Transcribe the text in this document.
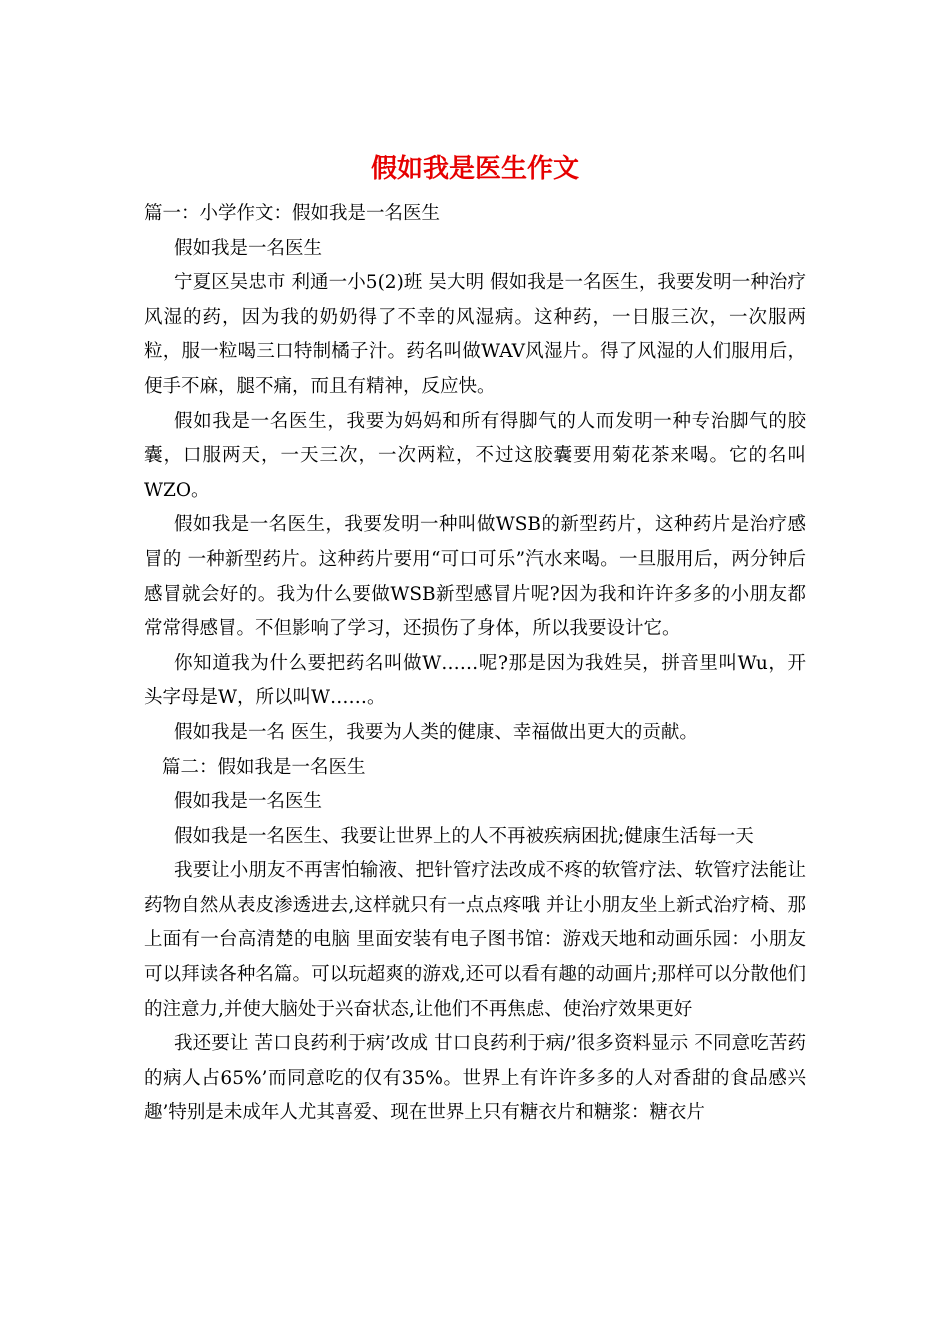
假如我是医生作文

篇一：小学作文：假如我是一名医生

假如我是一名医生

宁夏区吴忠市 利通一小5(2)班 吴大明 假如我是一名医生，我要发明一种治疗风湿的药，因为我的奶奶得了不幸的风湿病。这种药，一日服三次，一次服两粒，服一粒喝三口特制橘子汁。药名叫做WAV风湿片。得了风湿的人们服用后，便手不麻，腿不痛，而且有精神，反应快。

假如我是一名医生，我要为妈妈和所有得脚气的人而发明一种专治脚气的胶囊，口服两天，一天三次，一次两粒，不过这胶囊要用菊花茶来喝。它的名叫WZO。

假如我是一名医生，我要发明一种叫做WSB的新型药片，这种药片是治疗感冒的 一种新型药片。这种药片要用“可口可乐”汽水来喝。一旦服用后，两分钟后感冒就会好的。我为什么要做WSB新型感冒片呢?因为我和许许多多的小朋友都常常得感冒。不但影响了学习，还损伤了身体，所以我要设计它。

你知道我为什么要把药名叫做W……呢?那是因为我姓吴，拼音里叫Wu，开头字母是W，所以叫W……。

假如我是一名 医生，我要为人类的健康、幸福做出更大的贡献。

篇二：假如我是一名医生

假如我是一名医生

假如我是一名医生、我要让世界上的人不再被疾病困扰;健康生活每一天

我要让小朋友不再害怕输液、把针管疗法改成不疼的软管疗法、软管疗法能让药物自然从表皮渗透进去,这样就只有一点点疼哦 并让小朋友坐上新式治疗椅、那上面有一台高清楚的电脑 里面安装有电子图书馆：游戏天地和动画乐园：小朋友可以拜读各种名篇。可以玩超爽的游戏,还可以看有趣的动画片;那样可以分散他们的注意力,并使大脑处于兴奋状态,让他们不再焦虑、使治疗效果更好

我还要让 苦口良药利于病’改成 甘口良药利于病/’很多资料显示 不同意吃苦药的病人占65%’而同意吃的仅有35%。世界上有许许多多的人对香甜的食品感兴趣’特别是未成年人尤其喜爱、现在世界上只有糖衣片和糖浆：糖衣片
